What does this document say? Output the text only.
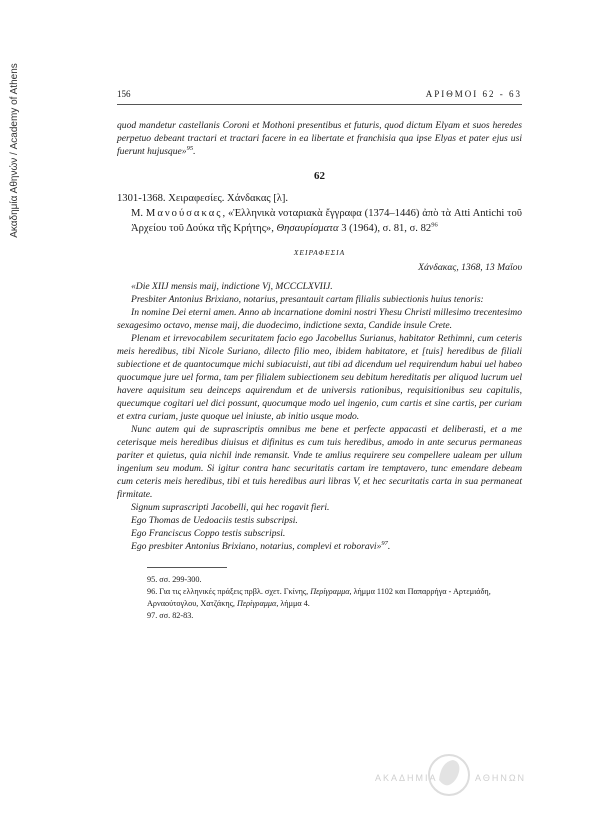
Ακαδημία Αθηνών / Academy of Athens	156	ΑΡΙΘΜΟΙ 62 - 63

quod mandetur castellanis Coroni et Mothoni presentibus et futuris, quod dictum Elyam et suos heredes perpetuo debeant tractari et tractari facere in ea libertate et franchisia qua ipse Elyas et pater ejus usi fuerunt hujusque»$^{95}$.

62
1301-1368. Χειραφεσίες. Χάνδακας [λ].
Μ. Μανούσακας, «Ἑλληνικὰ νοταριακὰ ἔγγραφα (1374–1446) ἀπὸ τὰ Atti Antichi τοῦ Ἀρχείου τοῦ Δούκα τῆς Κρήτης», Θησαυρίσματα 3 (1964), σ. 81, σ. $82^{96}$
ΧΕΙΡΑΦΕΣΙΑ
Χάνδακας, 1368, 13 Μαΐου

«Die XIIJ mensis maij, indictione Vj, MCCCLXVIIJ.

Presbiter Antonius Brixiano, notarius, presantauit cartam filialis subiectionis huius tenoris:

In nomine Dei eterni amen. Anno ab incarnatione domini nostri Yhesu Christi millesimo trecentesimo sexagesimo octavo, mense maij, die duodecimo, indictione sexta, Candide insule Crete.

Plenam et irrevocabilem securitatem facio ego Jacobellus Surianus, habitator Rethimni, cum ceteris meis heredibus, tibi Nicole Suriano, dilecto filio meo, ibidem habitatore, et [tuis] heredibus de filiali subiectione et de quantocumque michi subiacuisti, aut tibi ad dicendum uel requirendum habui uel habeo quocumque jure uel forma, tam per filialem subiectionem seu debitum hereditatis per aliquod lucrum uel havere aquisitum seu deinceps aquirendum et de universis rationibus, requisitionibus seu capitulis, quecumque cogitari uel dici possunt, quocumque modo uel ingenio, cum cartis et sine cartis, per curiam et extra curiam, juste quoque uel iniuste, ab initio usque modo.

Nunc autem qui de suprascriptis omnibus me bene et perfecte appacasti et deliberasti, et a me ceterisque meis heredibus diuisus et difinitus es cum tuis heredibus, amodo in ante securus permaneas pariter et quietus, quia nichil inde remansit. Vnde te amlius requirere seu compellere ualeam per ullum ingenium seu modum. Si igitur contra hanc securitatis cartam ire temptavero, tunc emendare debeam cum ceteris meis heredibus, tibi et tuis heredibus auri libras V, et hec securitatis carta in sua permaneat firmitate.

Signum suprascripti Jacobelli, qui hec rogavit fieri.

Ego Thomas de Uedoaciis testis subscripsi.

Ego Franciscus Coppo testis subscripsi.

Ego presbiter Antonius Brixiano, notarius, complevi et roboravi»$^{97}$.

95. σσ. 299-300.
96. Για τις ελληνικές πράξεις πρβλ. σχετ. Γκίνης, Περίγραμμα, λήμμα 1102 και Παπαρρήγα - Αρτεμιάδη, Αρναούτογλου, Χατζάκης, Περίγραμμα, λήμμα 4.
97. σσ. 82-83.
ΑΚΑΔΗΜΙΑ	ΑΘΗΝΩΝ
